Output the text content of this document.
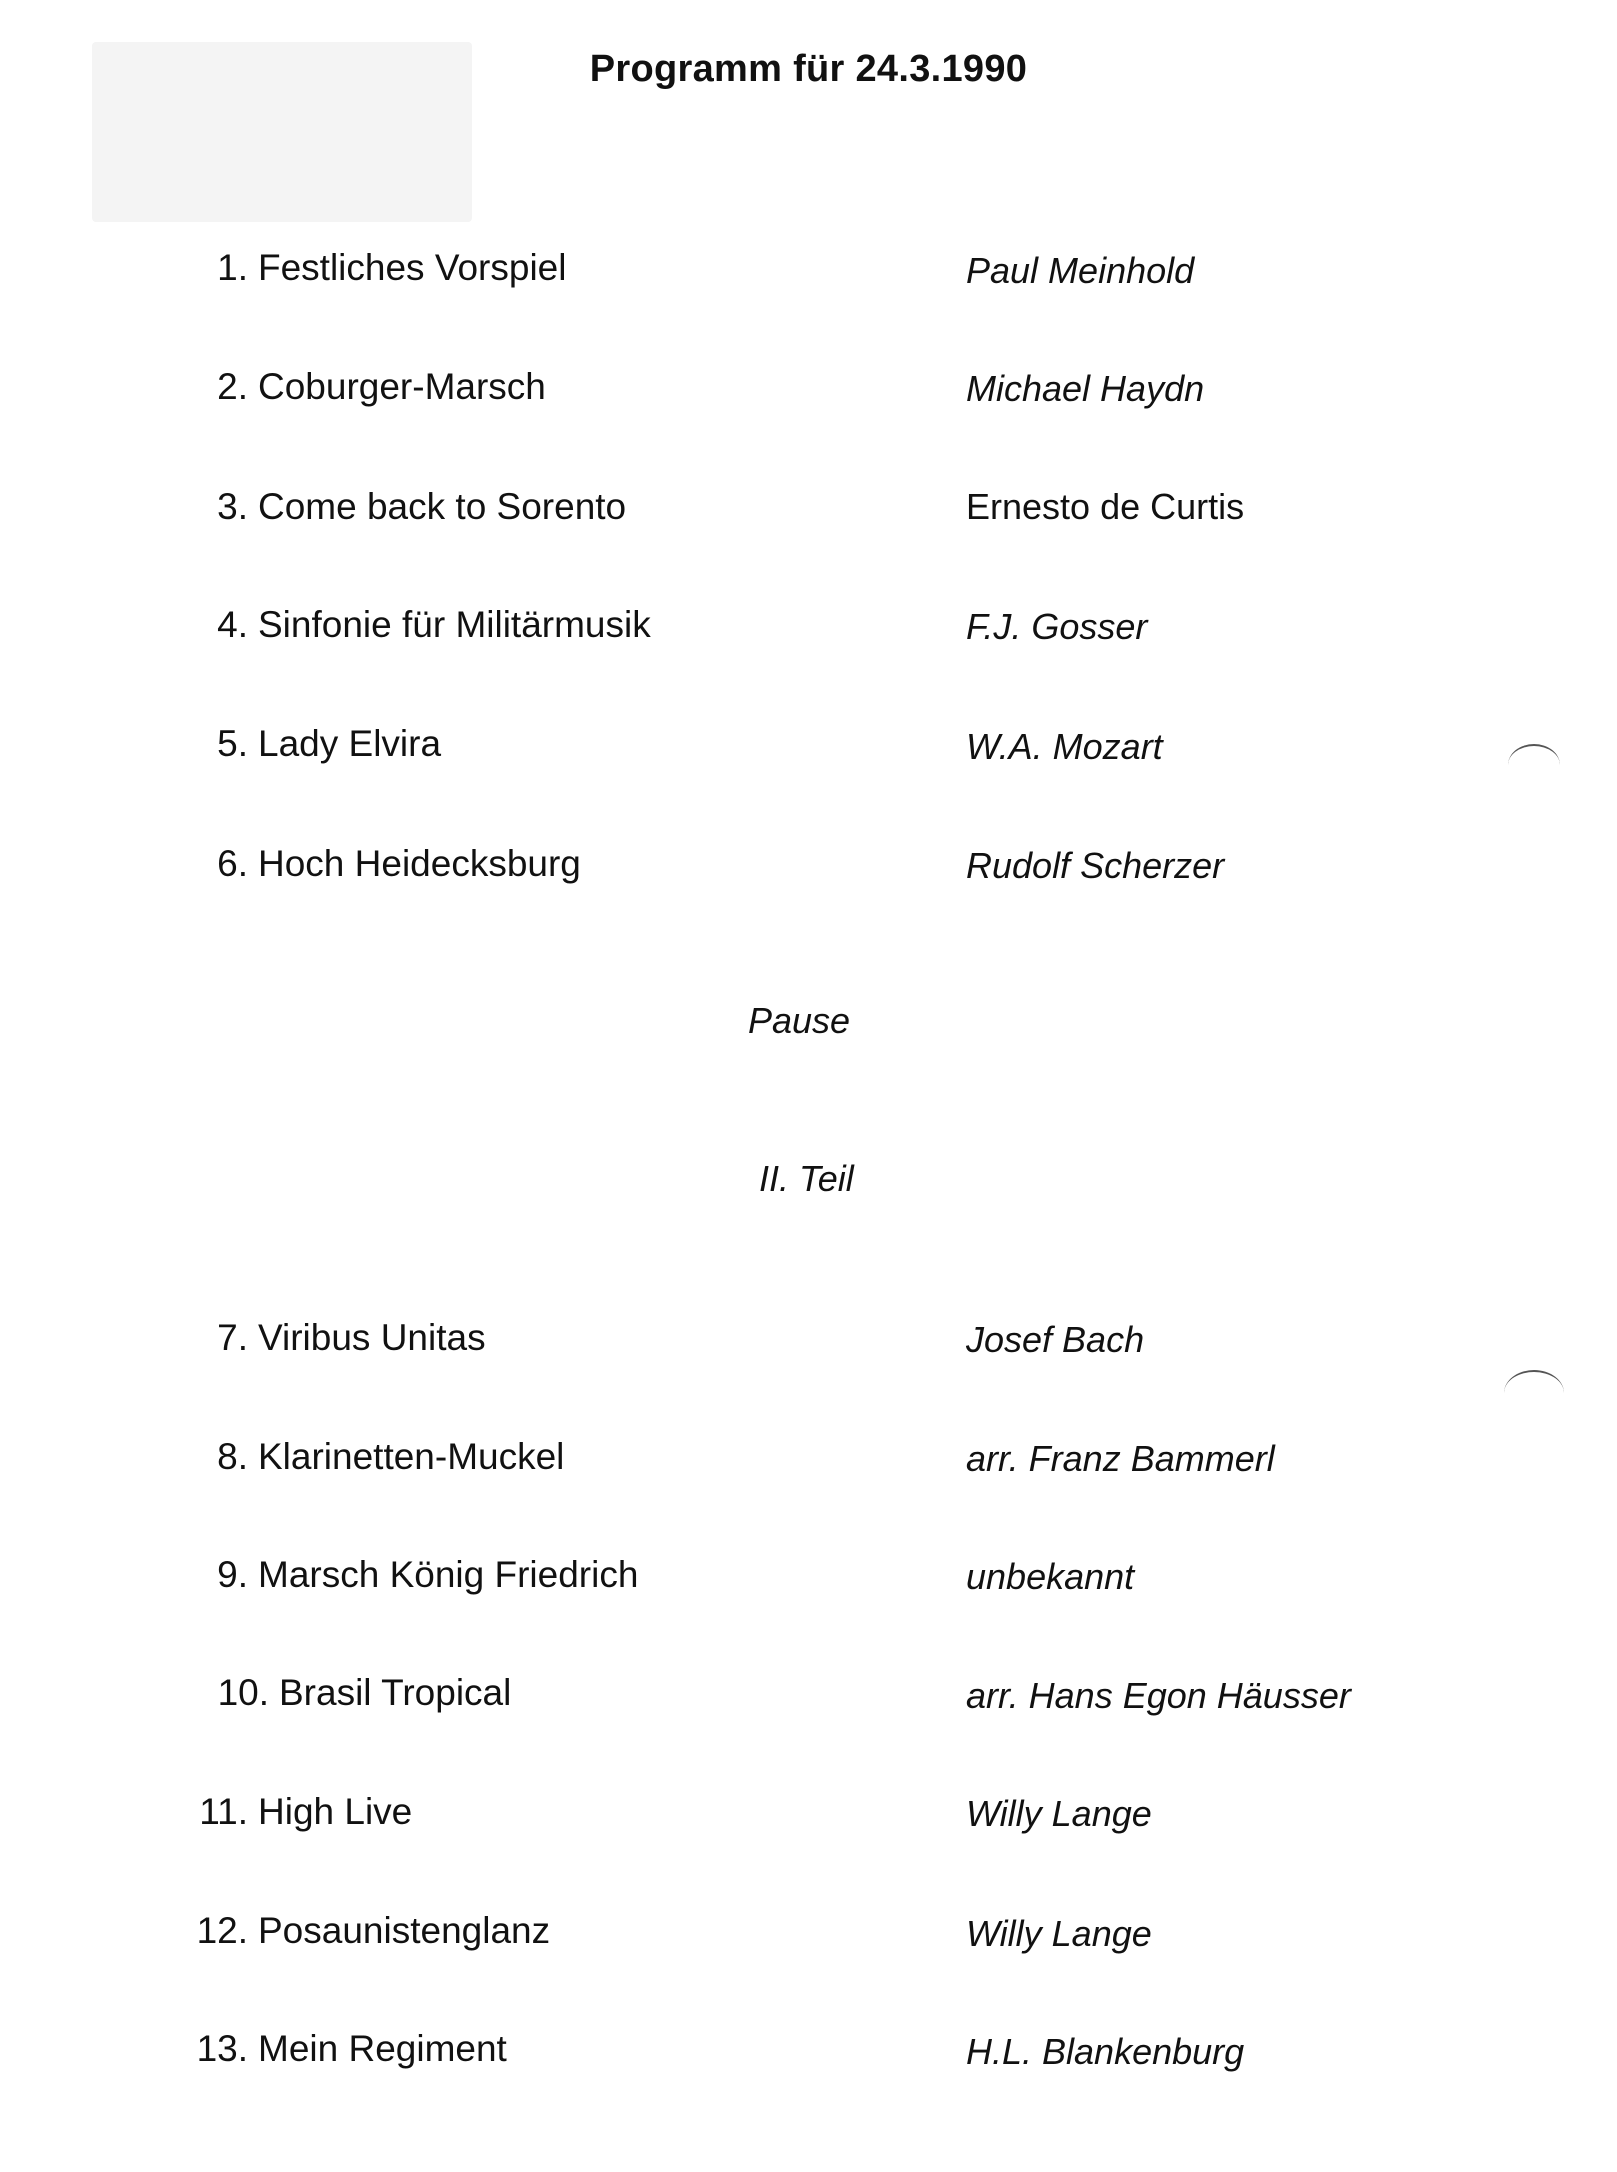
Programm für 24.3.1990
1. Festliches Vorspiel	Paul Meinhold
2. Coburger-Marsch	Michael Haydn
3. Come back to Sorento	Ernesto de Curtis
4. Sinfonie für Militärmusik	F.J. Gosser
5. Lady Elvira	W.A. Mozart
6. Hoch Heidecksburg	Rudolf Scherzer
Pause
II. Teil
7. Viribus Unitas	Josef Bach
8. Klarinetten-Muckel	arr. Franz Bammerl
9. Marsch König Friedrich	unbekannt
10. Brasil Tropical	arr. Hans Egon Häusser
11. High Live	Willy Lange
12. Posaunistenglanz	Willy Lange
13. Mein Regiment	H.L. Blankenburg
